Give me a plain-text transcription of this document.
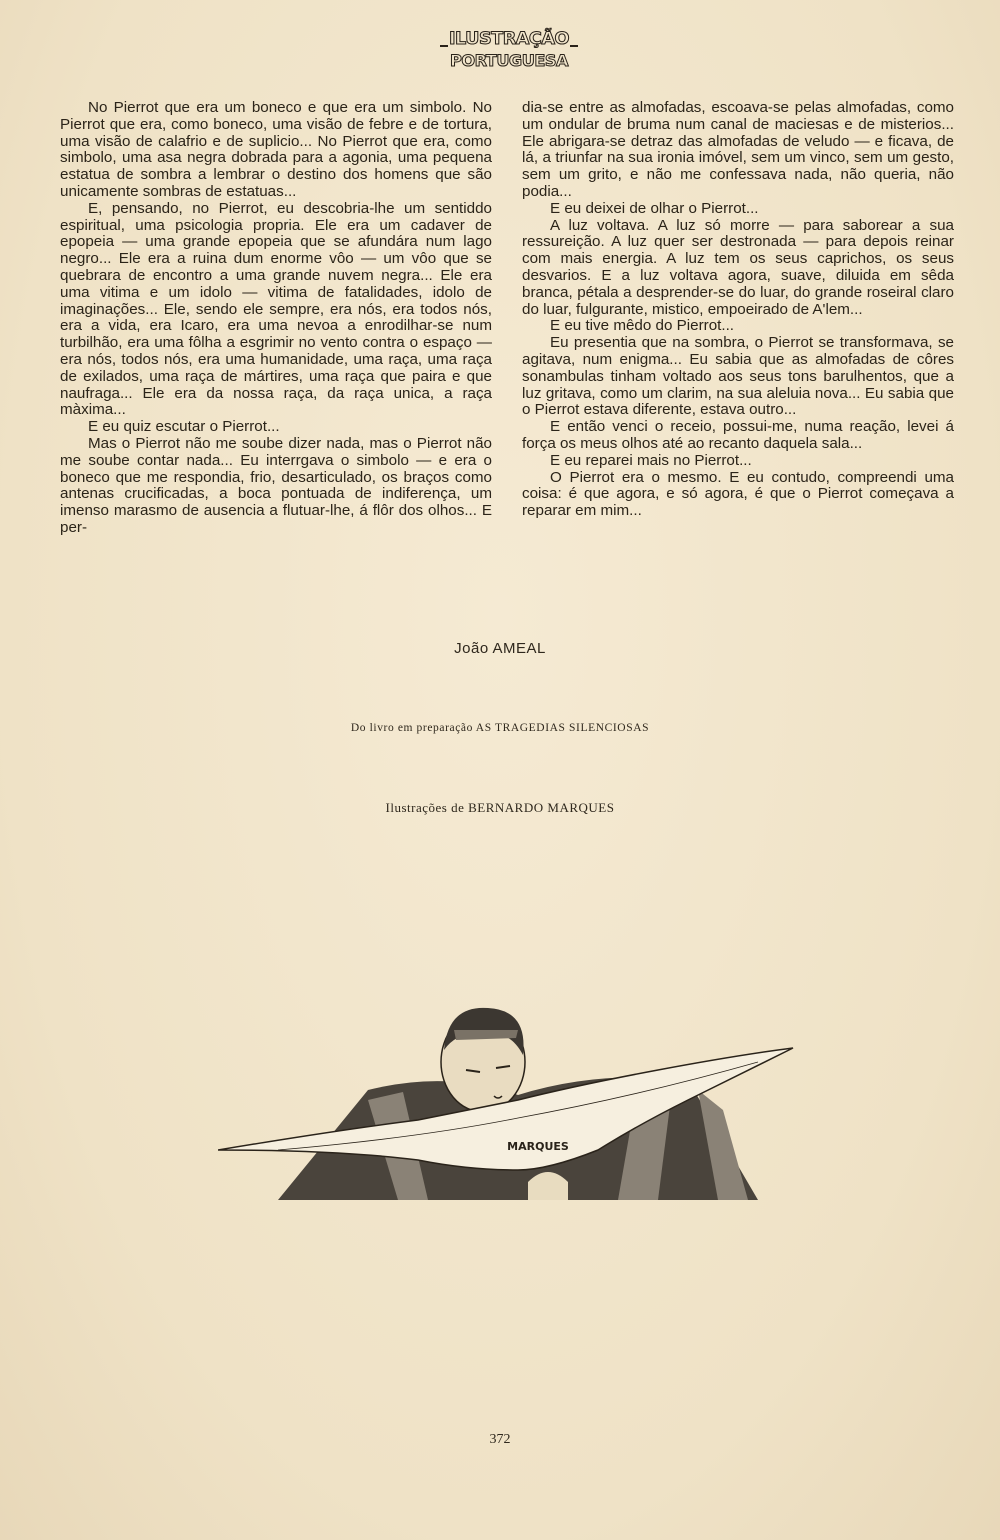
ILUSTRAÇÃO
PORTUGUESA

No Pierrot que era um boneco e que era um simbolo. No Pierrot que era, como boneco, uma visão de febre e de tortura, uma visão de calafrio e de suplicio... No Pierrot que era, como simbolo, uma asa negra dobrada para a agonia, uma pequena estatua de sombra a lembrar o destino dos homens que são unicamente sombras de estatuas...

E, pensando, no Pierrot, eu descobria-lhe um sentiddo espiritual, uma psicologia propria. Ele era um cadaver de epopeia — uma grande epopeia que se afundára num lago negro... Ele era a ruina dum enorme vôo — um vôo que se quebrara de encontro a uma grande nuvem negra... Ele era uma vitima e um idolo — vitima de fatalidades, idolo de imaginações... Ele, sendo ele sempre, era nós, era todos nós, era a vida, era Icaro, era uma nevoa a enrodilhar-se num turbilhão, era uma fôlha a esgrimir no vento contra o espaço — era nós, todos nós, era uma humanidade, uma raça, uma raça de exilados, uma raça de mártires, uma raça que paira e que naufraga... Ele era da nossa raça, da raça unica, a raça màxima...

E eu quiz escutar o Pierrot...

Mas o Pierrot não me soube dizer nada, mas o Pierrot não me soube contar nada... Eu interrgava o simbolo — e era o boneco que me respondia, frio, desarticulado, os braços como antenas crucificadas, a boca pontuada de indiferença, um imenso marasmo de ausencia a flutuar-lhe, á flôr dos olhos... E per-

dia-se entre as almofadas, escoava-se pelas almofadas, como um ondular de bruma num canal de maciesas e de misterios... Ele abrigara-se detraz das almofadas de veludo — e ficava, de lá, a triunfar na sua ironia imóvel, sem um vinco, sem um gesto, sem um grito, e não me confessava nada, não queria, não podia...

E eu deixei de olhar o Pierrot...

A luz voltava. A luz só morre — para saborear a sua ressureição. A luz quer ser destronada — para depois reinar com mais energia. A luz tem os seus caprichos, os seus desvarios. E a luz voltava agora, suave, diluida em sêda branca, pétala a desprender-se do luar, do grande roseiral claro do luar, fulgurante, mistico, empoeirado de A'lem...

E eu tive mêdo do Pierrot...

Eu presentia que na sombra, o Pierrot se transformava, se agitava, num enigma... Eu sabia que as almofadas de côres sonambulas tinham voltado aos seus tons barulhentos, que a luz gritava, como um clarim, na sua aleluia nova... Eu sabia que o Pierrot estava diferente, estava outro...

E então venci o receio, possui-me, numa reação, levei á força os meus olhos até ao recanto daquela sala...

E eu reparei mais no Pierrot...

O Pierrot era o mesmo. E eu contudo, compreendi uma coisa: é que agora, e só agora, é que o Pierrot começava a reparar em mim...

João AMEAL
Do livro em preparação AS TRAGEDIAS SILENCIOSAS
Ilustrações de BERNARDO MARQUES
MARQUES
372
